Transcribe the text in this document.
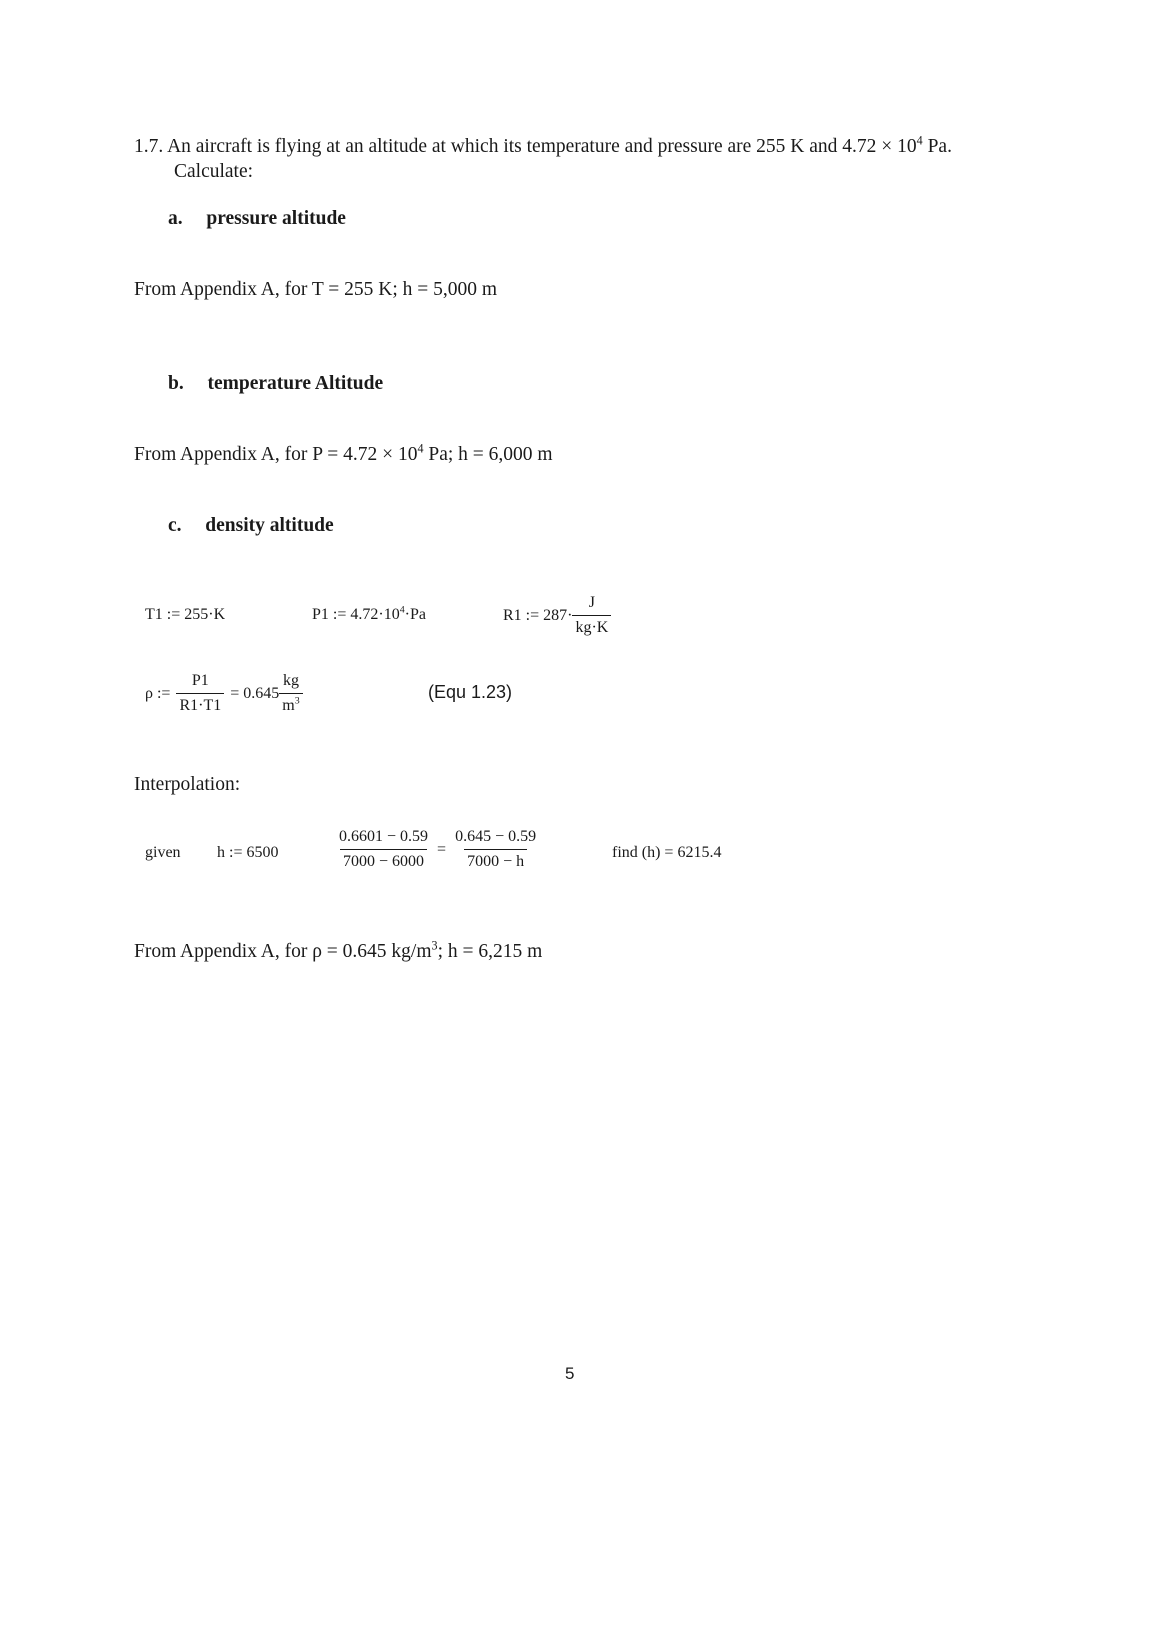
1.7. An aircraft is flying at an altitude at which its temperature and pressure are 255 K and $4.72 \times 10^4$ Pa.
Calculate:
a. pressure altitude
From Appendix A, for T = 255 K; h = 5,000 m
b. temperature Altitude
From Appendix A, for $P = 4.72 \times 10^4$ Pa; h = 6,000 m
c. density altitude
T1 := 255·K	P1 := $4.72\cdot 10^4\cdot Pa$	R1 := $287\cdot \frac{J}{kg\cdot K}$
ρ := $\frac{P1}{R1\cdot T1} = 0.645 \frac{kg}{m^3}$	(Equ 1.23)
Interpolation:
given h := 6500	$\frac{0.6601 - 0.59}{7000 - 6000} = \frac{0.645 - 0.59}{7000 - h}$	find (h) = 6215.4
From Appendix A, for ρ = 0.645 $kg/m^3$; h = 6,215 m
5
